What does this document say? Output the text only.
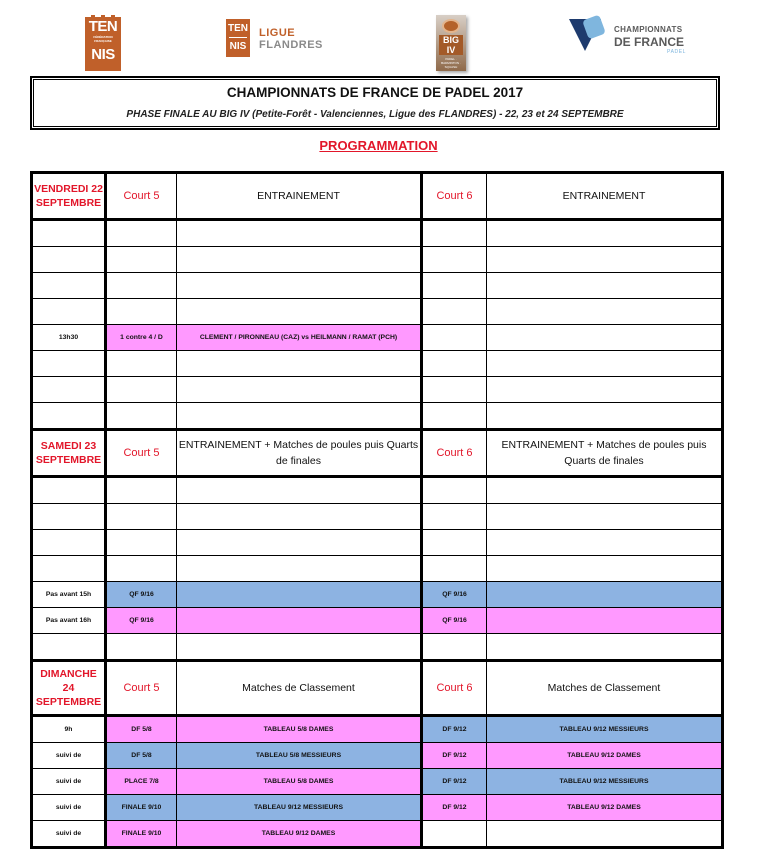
TEN
FÉDÉRATION FRANÇAISE
NIS
TEN
NIS
LIGUE
FLANDRES	BIG IV
PADEL · BADMINTON · SQUASH
CHAMPIONNATS
DE FRANCE
PADEL
CHAMPIONNATS DE FRANCE DE PADEL 2017
PHASE FINALE AU BIG IV (Petite-Forêt - Valenciennes, Ligue des FLANDRES) - 22, 23 et 24 SEPTEMBRE
PROGRAMMATION
VENDREDI 22 SEPTEMBRE	Court 5	ENTRAINEMENT	Court 6	ENTRAINEMENT

13h30	1 contre 4 / D	CLEMENT / PIRONNEAU (CAZ) vs HEILMANN / RAMAT (PCH)		

SAMEDI 23 SEPTEMBRE	Court 5	ENTRAINEMENT + Matches de poules puis Quarts de finales	Court 6	ENTRAINEMENT + Matches de poules puis Quarts de finales

Pas avant 15h	QF 9/16		QF 9/16	
Pas avant 16h	QF 9/16		QF 9/16	

DIMANCHE 24 SEPTEMBRE	Court 5	Matches de Classement	Court 6	Matches de Classement
9h	DF 5/8	TABLEAU 5/8 DAMES	DF 9/12	TABLEAU 9/12 MESSIEURS
suivi de	DF 5/8	TABLEAU 5/8 MESSIEURS	DF 9/12	TABLEAU 9/12 DAMES
suivi de	PLACE 7/8	TABLEAU 5/8 DAMES	DF 9/12	TABLEAU 9/12 MESSIEURS
suivi de	FINALE 9/10	TABLEAU 9/12 MESSIEURS	DF 9/12	TABLEAU 9/12 DAMES
suivi de	FINALE 9/10	TABLEAU 9/12 DAMES		
